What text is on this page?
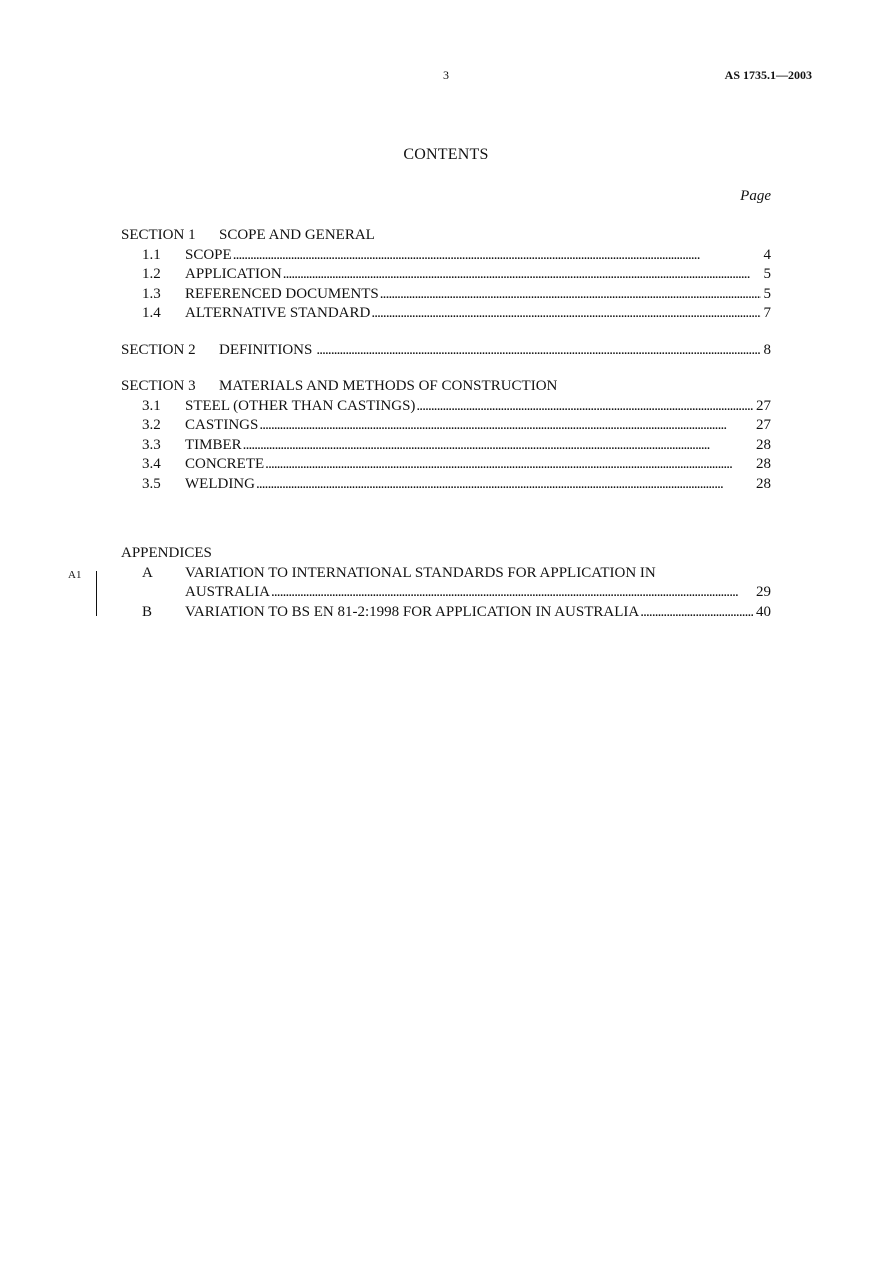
3	AS 1735.1—2003
CONTENTS
Page
A1
SECTION 1 SCOPE AND GENERAL
1.1	SCOPE . . .	4
1.2	APPLICATION . . .	5
1.3	REFERENCED DOCUMENTS . . .	5
1.4	ALTERNATIVE STANDARD . . .	7
SECTION 2	DEFINITIONS . . .	8
SECTION 3 MATERIALS AND METHODS OF CONSTRUCTION
3.1	STEEL (OTHER THAN CASTINGS) . . .	27
3.2	CASTINGS . . .	27
3.3	TIMBER . . .	28
3.4	CONCRETE . . .	28
3.5	WELDING . . .	28
APPENDICES
A VARIATION TO INTERNATIONAL STANDARDS FOR APPLICATION IN
AUSTRALIA . . .	29
B	VARIATION TO BS EN 81-2:1998 FOR APPLICATION IN AUSTRALIA . . .	40
